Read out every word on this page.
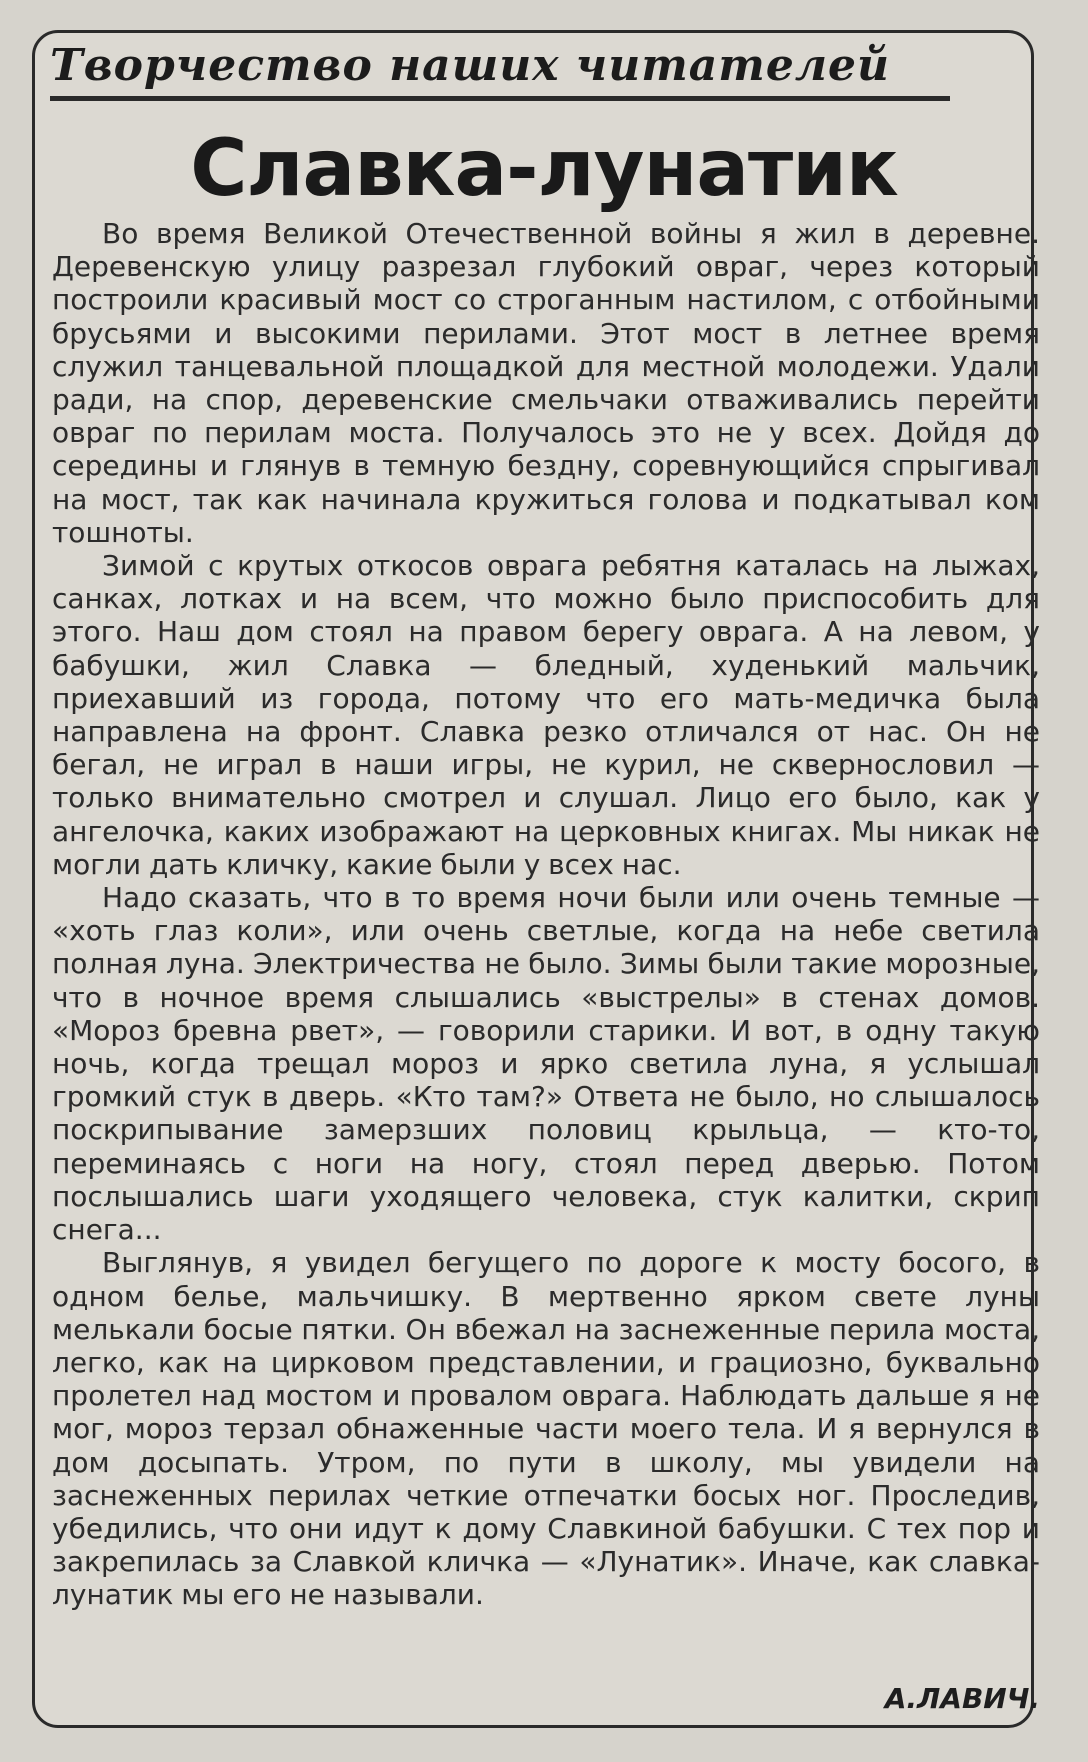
Творчество наших читателей
Славка-лунатик

Во время Великой Отечественной войны я жил в деревне. Деревенскую улицу разрезал глубокий овраг, через который построили красивый мост со строганным настилом, с отбойными брусьями и высокими перилами. Этот мост в летнее время служил танцевальной площадкой для местной молодежи. Удали ради, на спор, деревенские смельчаки отваживались перейти овраг по перилам моста. Получалось это не у всех. Дойдя до середины и глянув в темную бездну, соревнующийся спрыгивал на мост, так как начинала кружиться голова и подкатывал ком тошноты.

Зимой с крутых откосов оврага ребятня каталась на лыжах, санках, лотках и на всем, что можно было приспособить для этого. Наш дом стоял на правом берегу оврага. А на левом, у бабушки, жил Славка — бледный, худенький мальчик, приехавший из города, потому что его мать-медичка была направлена на фронт. Славка резко отличался от нас. Он не бегал, не играл в наши игры, не курил, не сквернословил — только внимательно смотрел и слушал. Лицо его было, как у ангелочка, каких изображают на церковных книгах. Мы никак не могли дать кличку, какие были у всех нас.

Надо сказать, что в то время ночи были или очень темные — «хоть глаз коли», или очень светлые, когда на небе светила полная луна. Электричества не было. Зимы были такие морозные, что в ночное время слышались «выстрелы» в стенах домов. «Мороз бревна рвет», — говорили старики. И вот, в одну такую ночь, когда трещал мороз и ярко светила луна, я услышал громкий стук в дверь. «Кто там?» Ответа не было, но слышалось поскрипывание замерзших половиц крыльца, — кто-то, переминаясь с ноги на ногу, стоял перед дверью. Потом послышались шаги уходящего человека, стук калитки, скрип снега...

Выглянув, я увидел бегущего по дороге к мосту босого, в одном белье, мальчишку. В мертвенно ярком свете луны мелькали босые пятки. Он вбежал на заснеженные перила моста, легко, как на цирковом представлении, и грациозно, буквально пролетел над мостом и провалом оврага. Наблюдать дальше я не мог, мороз терзал обнаженные части моего тела. И я вернулся в дом досыпать. Утром, по пути в школу, мы увидели на заснеженных перилах четкие отпечатки босых ног. Проследив, убедились, что они идут к дому Славкиной бабушки. С тех пор и закрепилась за Славкой кличка — «Лунатик». Иначе, как славка-лунатик мы его не называли.

А.ЛАВИЧ.
